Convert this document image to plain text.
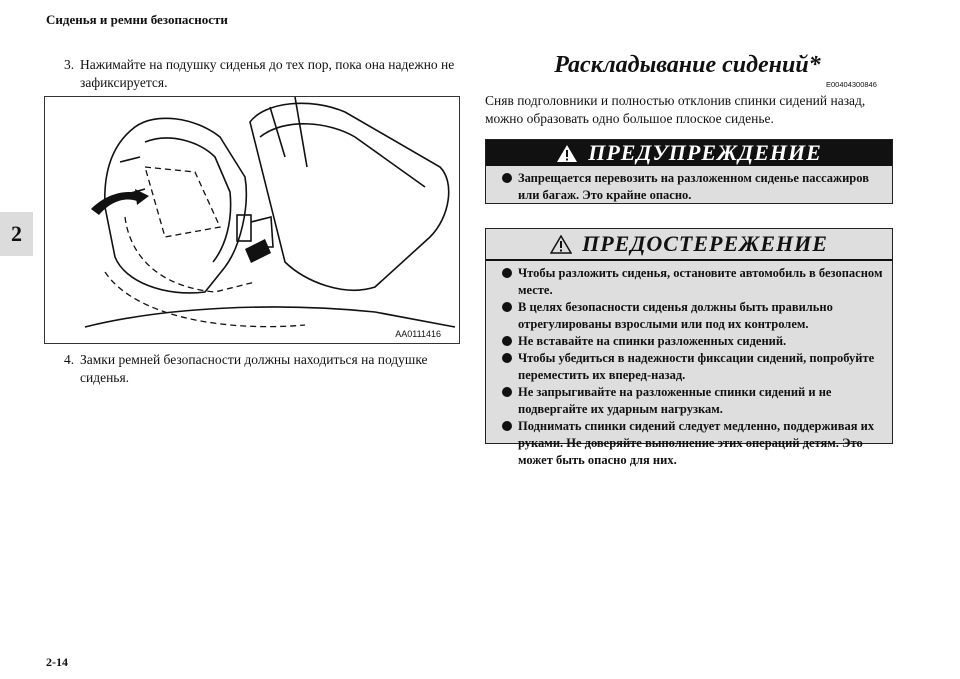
Сиденья и ремни безопасности
2
3. Нажимайте на подушку сиденья до тех пор, пока она надежно не зафиксируется.
AA0111416
4. Замки ремней безопасности должны находиться на подушке сиденья.
Раскладывание сидений*
E00404300846
Сняв подголовники и полностью отклонив спинки сидений назад, можно образовать одно большое плоское сиденье.
ПРЕДУПРЕЖДЕНИЕ
Запрещается перевозить на разложенном сиденье пассажиров или багаж. Это крайне опасно.
ПРЕДОСТЕРЕЖЕНИЕ
Чтобы разложить сиденья, остановите автомобиль в безопасном месте.
В целях безопасности сиденья должны быть правильно отрегулированы взрослыми или под их контролем.
Не вставайте на спинки разложенных сидений.
Чтобы убедиться в надежности фиксации сидений, попробуйте переместить их вперед-назад.
Не запрыгивайте на разложенные спинки сидений и не подвергайте их ударным нагрузкам.
Поднимать спинки сидений следует медленно, поддерживая их руками. Не доверяйте выполнение этих операций детям. Это может быть опасно для них.
2-14
